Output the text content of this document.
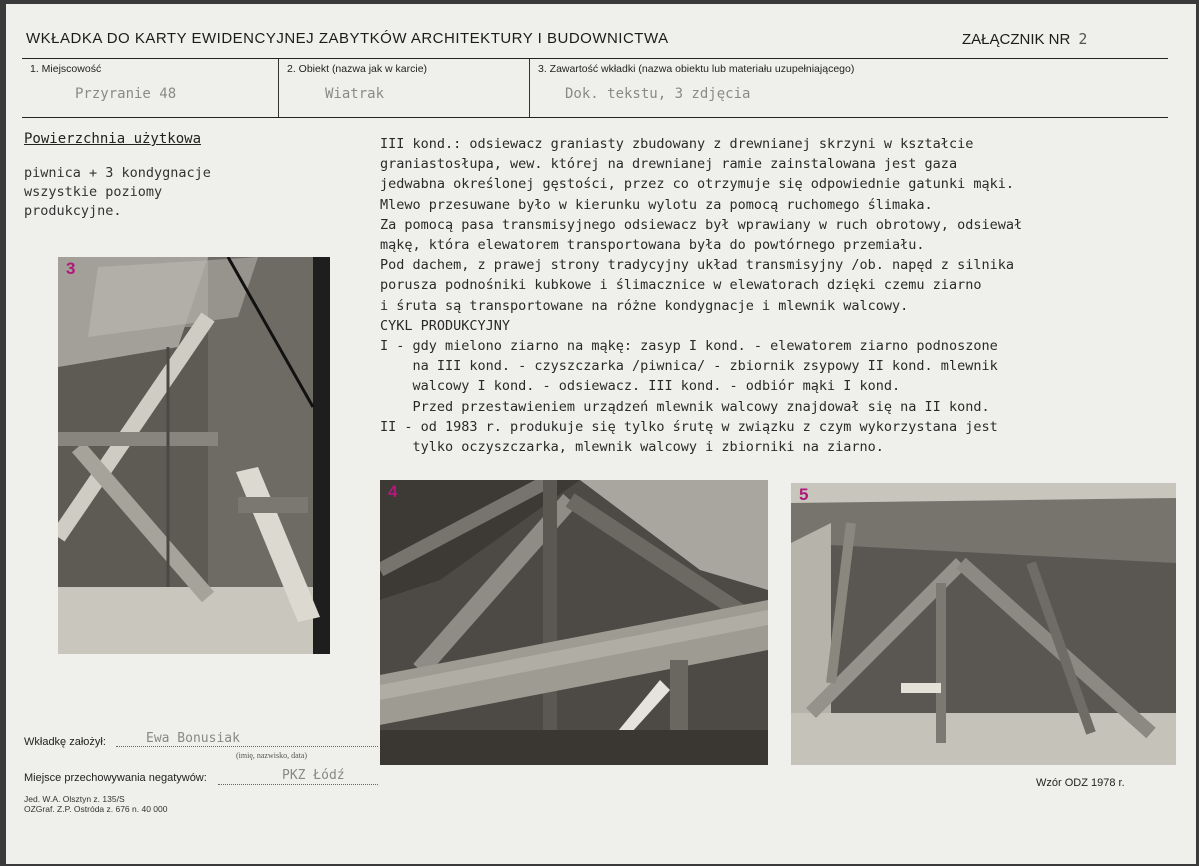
WKŁADKA DO KARTY EWIDENCYJNEJ ZABYTKÓW ARCHITEKTURY I BUDOWNICTWA	ZAŁĄCZNIK NR 2
1. Miejscowość
Przyranie 48
2. Obiekt (nazwa jak w karcie)
Wiatrak
3. Zawartość wkładki (nazwa obiektu lub materiału uzupełniającego)
Dok. tekstu, 3 zdjęcia
Powierzchnia użytkowa
piwnica + 3 kondygnacje
wszystkie poziomy
produkcyjne.
III kond.: odsiewacz graniasty zbudowany z drewnianej skrzyni w kształcie
graniastosłupa, wew. której na drewnianej ramie zainstalowana jest gaza
jedwabna określonej gęstości, przez co otrzymuje się odpowiednie gatunki mąki.
Mlewo przesuwane było w kierunku wylotu za pomocą ruchomego ślimaka.
Za pomocą pasa transmisyjnego odsiewacz był wprawiany w ruch obrotowy, odsiewał
mąkę, która elewatorem transportowana była do powtórnego przemiału.
Pod dachem, z prawej strony tradycyjny układ transmisyjny /ob. napęd z silnika
porusza podnośniki kubkowe i ślimacznice w elewatorach dzięki czemu ziarno
i śruta są transportowane na różne kondygnacje i mlewnik walcowy.
CYKL PRODUKCYJNY
I - gdy mielono ziarno na mąkę: zasyp I kond. - elewatorem ziarno podnoszone
na III kond. - czyszczarka /piwnica/ - zbiornik zsypowy II kond. mlewnik
walcowy I kond. - odsiewacz. III kond. - odbiór mąki I kond.
Przed przestawieniem urządzeń mlewnik walcowy znajdował się na II kond.
II - od 1983 r. produkuje się tylko śrutę w związku z czym wykorzystana jest
tylko oczyszczarka, mlewnik walcowy i zbiorniki na ziarno.
3
4	5
Wkładkę założył:	Ewa Bonusiak
(imię, nazwisko, data)
Miejsce przechowywania negatywów:	PKZ Łódź
Jed. W.A. Olsztyn z. 135/S
OZGraf. Z.P. Ostróda z. 676 n. 40 000
Wzór ODZ 1978 r.
